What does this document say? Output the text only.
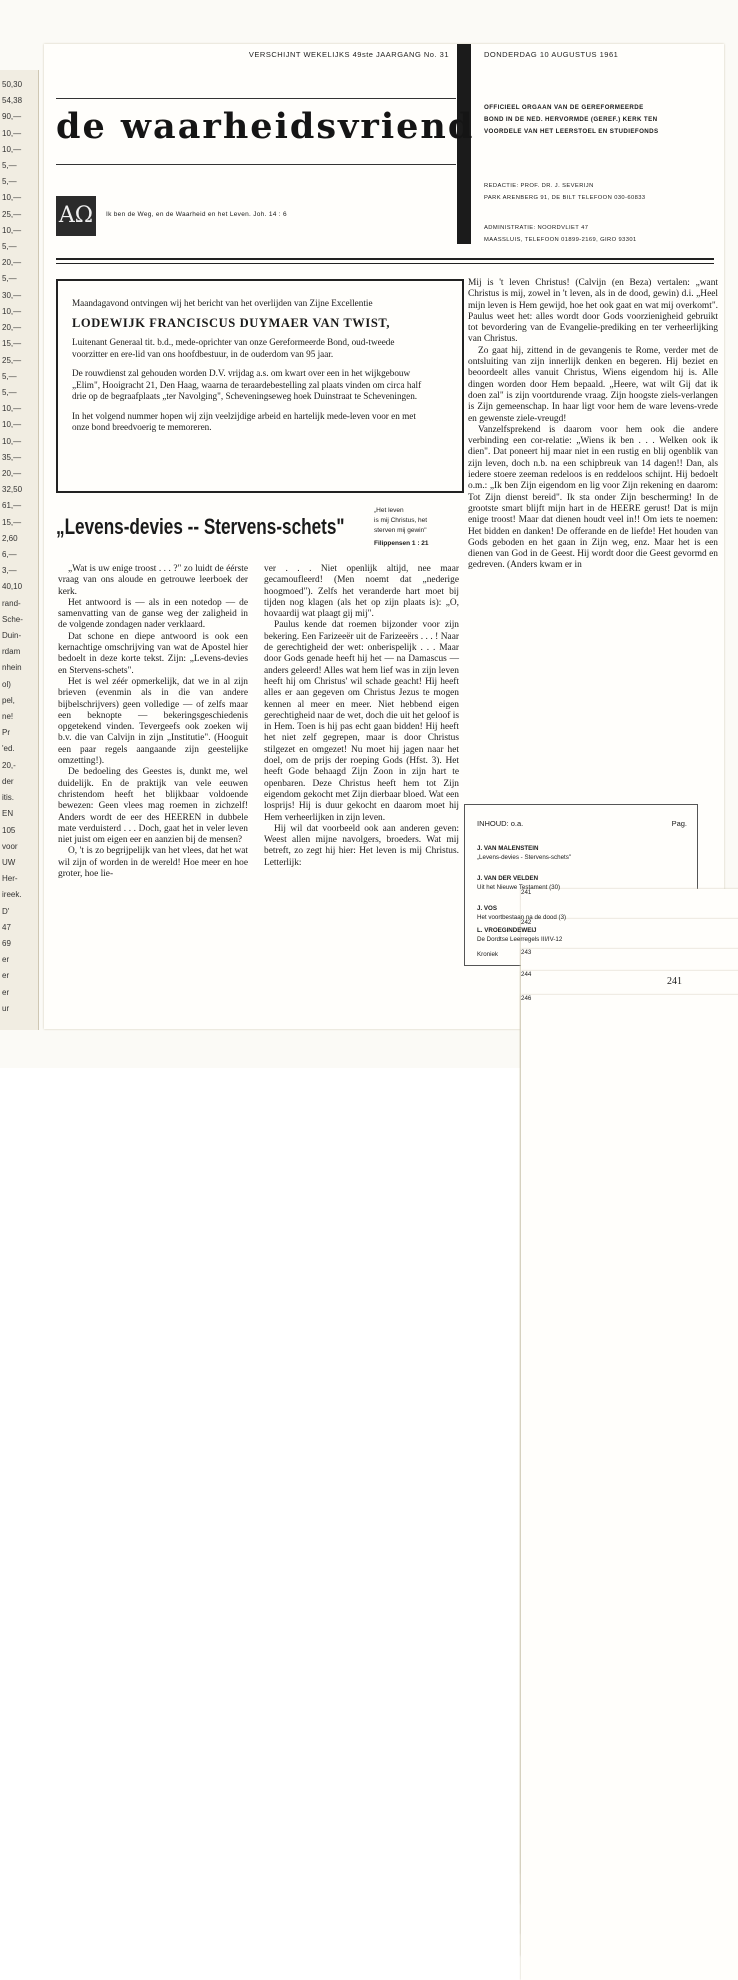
50,30
54,38
90,—
10,—
10,—
5,—
5,—
10,—
25,—
10,—
5,—
20,—
5,—
30,—
10,—
20,—
15,—
25,—
5,—
5,—
10,—
10,—
10,—
35,—
20,—
32,50
61,—
15,—
2,60
6,—
3,—
40,10
rand-
Sche-
Duin-
rdam
nhein
ol)
pel,
ne!
Pr
'ed.
20,-
der
itis.
EN
105
voor
UW
Her-
ireek.
D'
47
69
er
er
er
ur
VERSCHIJNT WEKELIJKS 49ste JAARGANG No. 31	DONDERDAG 10 AUGUSTUS 1961
de waarheidsvriend
AΩ	Ik ben de Weg, en de Waarheid en het Leven. Joh. 14 : 6
OFFICIEEL ORGAAN VAN DE GEREFORMEERDE
BOND IN DE NED. HERVORMDE (GEREF.) KERK TEN
VOORDELE VAN HET LEERSTOEL EN STUDIEFONDS
REDACTIE: PROF. DR. J. SEVERIJN
PARK ARENBERG 91, DE BILT TELEFOON 030-60833
ADMINISTRATIE: NOORDVLIET 47
MAASSLUIS, TELEFOON 01899-2169, GIRO 93301

Maandagavond ontvingen wij het bericht van het overlijden van Zijne Excellentie

LODEWIJK FRANCISCUS DUYMAER VAN TWIST,

Luitenant Generaal tit. b.d., mede-oprichter van onze Gereformeerde Bond, oud-tweede voorzitter en ere-lid van ons hoofdbestuur, in de ouderdom van 95 jaar.

De rouwdienst zal gehouden worden D.V. vrijdag a.s. om kwart over een in het wijkgebouw „Elim", Hooigracht 21, Den Haag, waarna de teraardebestelling zal plaats vinden om circa half drie op de begraafplaats „ter Navolging", Scheveningseweg hoek Duinstraat te Scheveningen.

In het volgend nummer hopen wij zijn veelzijdige arbeid en hartelijk mede-leven voor en met onze bond breedvoerig te memoreren.

„Levens-devies -- Stervens-schets"
„Het leven
is mij Christus, het
sterven mij gewin"
Filippensen 1 : 21

„Wat is uw enige troost . . . ?" zo luidt de éérste vraag van ons aloude en getrouwe leerboek der kerk.

Het antwoord is — als in een notedop — de samenvatting van de ganse weg der zaligheid in de volgende zondagen nader verklaard.

Dat schone en diepe antwoord is ook een kernachtige omschrijving van wat de Apostel hier bedoelt in deze korte tekst. Zijn: „Levens-devies en Stervens-schets".

Het is wel zéér opmerkelijk, dat we in al zijn brieven (evenmin als in die van andere bijbelschrijvers) geen volledige — of zelfs maar een beknopte — bekeringsgeschiedenis opgetekend vinden. Tevergeefs ook zoeken wij b.v. die van Calvijn in zijn „Institutie". (Hooguit een paar regels aangaande zijn geestelijke omzetting!).

De bedoeling des Geestes is, dunkt me, wel duidelijk. En de praktijk van vele eeuwen christendom heeft het blijkbaar voldoende bewezen: Geen vlees mag roemen in zichzelf! Anders wordt de eer des HEEREN in dubbele mate verduisterd . . . Doch, gaat het in veler leven niet juist om eigen eer en aanzien bij de mensen?

O, 't is zo begrijpelijk van het vlees, dat het wat wil zijn of worden in de wereld! Hoe meer en hoe groter, hoe lie-

ver . . . Niet openlijk altijd, nee maar gecamoufleerd! (Men noemt dat „nederige hoogmoed"). Zelfs het veranderde hart moet bij tijden nog klagen (als het op zijn plaats is): „O, hovaardij wat plaagt gij mij".

Paulus kende dat roemen bijzonder voor zijn bekering. Een Farizeeër uit de Farizeeërs . . . ! Naar de gerechtigheid der wet: onberispelijk . . . Maar door Gods genade heeft hij het — na Damascus — anders geleerd! Alles wat hem lief was in zijn leven heeft hij om Christus' wil schade geacht! Hij heeft alles er aan gegeven om Christus Jezus te mogen kennen al meer en meer. Niet hebbend eigen gerechtigheid naar de wet, doch die uit het geloof is in Hem. Toen is hij pas echt gaan bidden! Hij heeft het niet zelf gegrepen, maar is door Christus stilgezet en omgezet! Nu moet hij jagen naar het doel, om de prijs der roeping Gods (Hfst. 3). Het heeft Gode behaagd Zijn Zoon in zijn hart te openbaren. Deze Christus heeft hem tot Zijn eigendom gekocht met Zijn dierbaar bloed. Wat een losprijs! Hij is duur gekocht en daarom moet hij Hem verheerlijken in zijn leven.

Hij wil dat voorbeeld ook aan anderen geven: Weest allen mijne navolgers, broeders. Wat mij betreft, zo zegt hij hier: Het leven is mij Christus. Letterlijk:

Mij is 't leven Christus! (Calvijn (en Beza) vertalen: „want Christus is mij, zowel in 't leven, als in de dood, gewin) d.i. „Heel mijn leven is Hem gewijd, hoe het ook gaat en wat mij overkomt". Paulus weet het: alles wordt door Gods voorzienigheid gebruikt tot bevordering van de Evangelie-prediking en ter verheerlijking van Christus.

Zo gaat hij, zittend in de gevangenis te Rome, verder met de ontsluiting van zijn innerlijk denken en begeren. Hij beziet en beoordeelt alles vanuit Christus, Wiens eigendom hij is. Alle dingen worden door Hem bepaald. „Heere, wat wilt Gij dat ik doen zal" is zijn voortdurende vraag. Zijn hoogste ziels-verlangen is Zijn gemeenschap. In haar ligt voor hem de ware levens-vrede en gewenste ziele-vreugd!

Vanzelfsprekend is daarom voor hem ook die andere verbinding een cor-relatie: „Wiens ik ben . . . Welken ook ik dien". Dat poneert hij maar niet in een rustig en blij ogenblik van zijn leven, doch n.b. na een schipbreuk van 14 dagen!! Dan, als iedere stoere zeeman redeloos is en reddeloos schijnt. Hij bedoelt o.m.: „Ik ben Zijn eigendom en lig voor Zijn rekening en daarom: Tot Zijn dienst bereid". Ik sta onder Zijn bescherming! In de grootste smart blijft mijn hart in de HEERE gerust! Dat is mijn enige troost! Maar dat dienen houdt veel in!! Om iets te noemen: Het bidden en danken! De offerande en de liefde! Het houden van Gods geboden en het gaan in Zijn weg, enz. Maar het is een dienen van God in de Geest. Hij wordt door die Geest gevormd en gedreven. (Anders kwam er in

INHOUD: o.a.	Pag.
J. VAN MALENSTEIN
„Levens-devies - Stervens-schets"
241
J. VAN DER VELDEN
Uit het Nieuwe Testament (30)
242
J. VOS
Het voortbestaan na de dood (3)
243
L. VROEGINDEWEIJ
De Dordtse Leerregels III/IV-12
244
Kroniek
246
241
